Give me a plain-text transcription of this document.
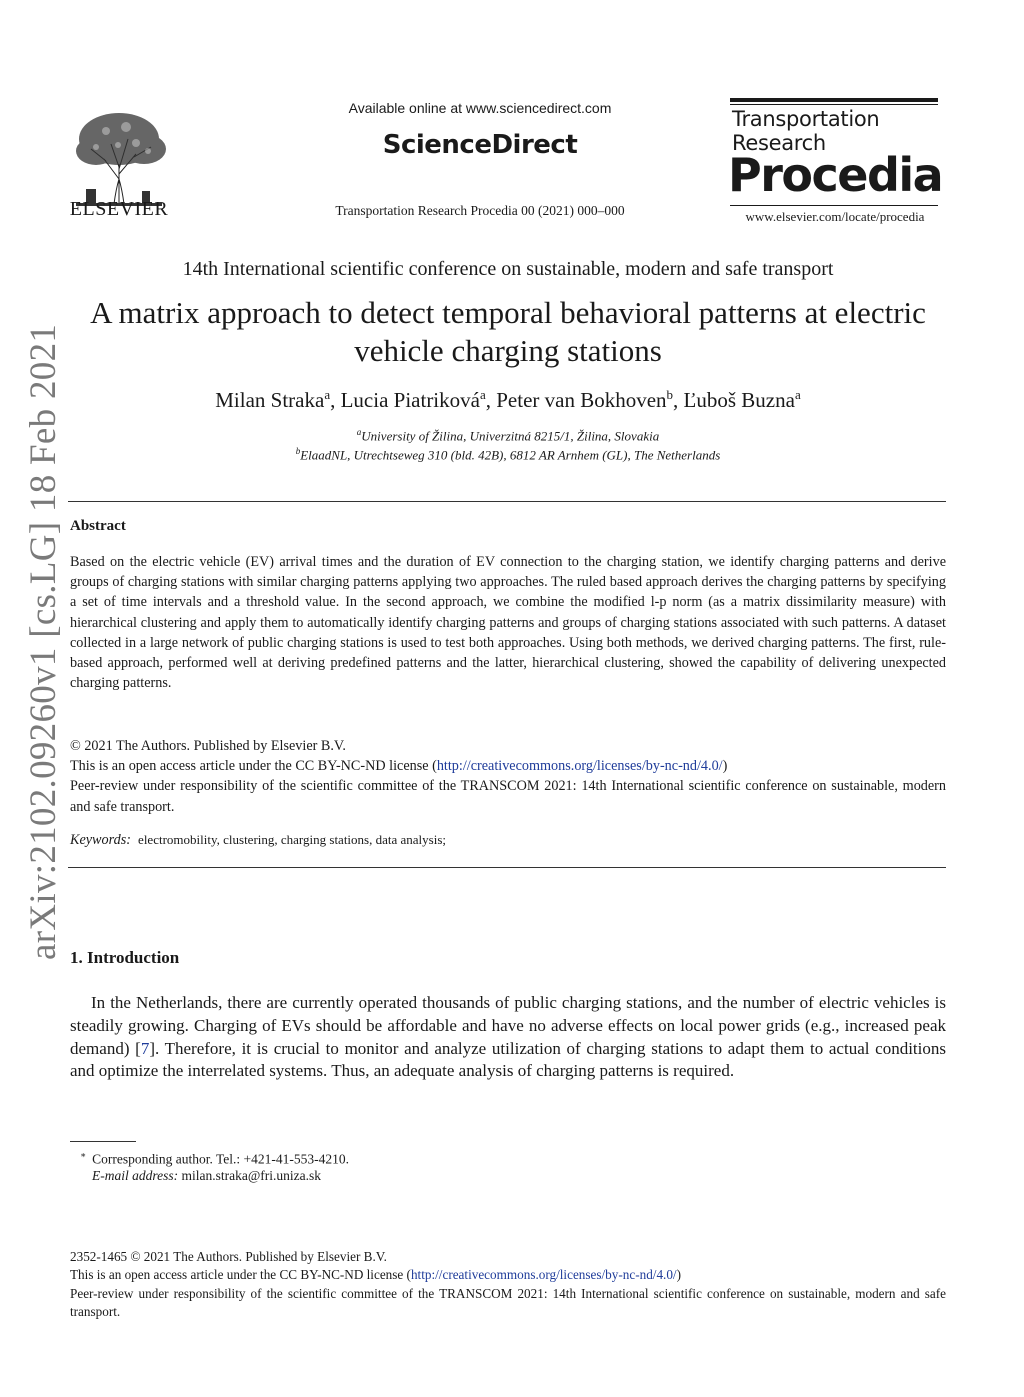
ELSEVIER
Available online at www.sciencedirect.com
ScienceDirect
Transportation Research Procedia 00 (2021) 000–000
Transportation
Research
Procedia
www.elsevier.com/locate/procedia
arXiv:2102.09260v1 [cs.LG] 18 Feb 2021
14th International scientific conference on sustainable, modern and safe transport
A matrix approach to detect temporal behavioral patterns at electric
vehicle charging stations
Milan Straka$^a$, Lucia Piatriková$^a$, Peter van Bokhoven$^b$, Ľuboš Buzna$^a$
$^a$University of Žilina, Univerzitná 8215/1, Žilina, Slovakia
$^b$ElaadNL, Utrechtseweg 310 (bld. 42B), 6812 AR Arnhem (GL), The Netherlands
Abstract
Based on the electric vehicle (EV) arrival times and the duration of EV connection to the charging station, we identify charging patterns and derive groups of charging stations with similar charging patterns applying two approaches. The ruled based approach derives the charging patterns by specifying a set of time intervals and a threshold value. In the second approach, we combine the modified l-p norm (as a matrix dissimilarity measure) with hierarchical clustering and apply them to automatically identify charging patterns and groups of charging stations associated with such patterns. A dataset collected in a large network of public charging stations is used to test both approaches. Using both methods, we derived charging patterns. The first, rule-based approach, performed well at deriving predefined patterns and the latter, hierarchical clustering, showed the capability of delivering unexpected charging patterns.

© 2021 The Authors. Published by Elsevier B.V.

This is an open access article under the CC BY-NC-ND license (http://creativecommons.org/licenses/by-nc-nd/4.0/)

Peer-review under responsibility of the scientific committee of the TRANSCOM 2021: 14th International scientific conference on sustainable, modern and safe transport.

Keywords: electromobility, clustering, charging stations, data analysis;
1. Introduction
In the Netherlands, there are currently operated thousands of public charging stations, and the number of electric vehicles is steadily growing. Charging of EVs should be affordable and have no adverse effects on local power grids (e.g., increased peak demand) [7]. Therefore, it is crucial to monitor and analyze utilization of charging stations to adapt them to actual conditions and optimize the interrelated systems. Thus, an adequate analysis of charging patterns is required.
∗ Corresponding author. Tel.: +421-41-553-4210.
E-mail address: milan.straka@fri.uniza.sk

2352-1465 © 2021 The Authors. Published by Elsevier B.V.

This is an open access article under the CC BY-NC-ND license (http://creativecommons.org/licenses/by-nc-nd/4.0/)

Peer-review under responsibility of the scientific committee of the TRANSCOM 2021: 14th International scientific conference on sustainable, modern and safe transport.
